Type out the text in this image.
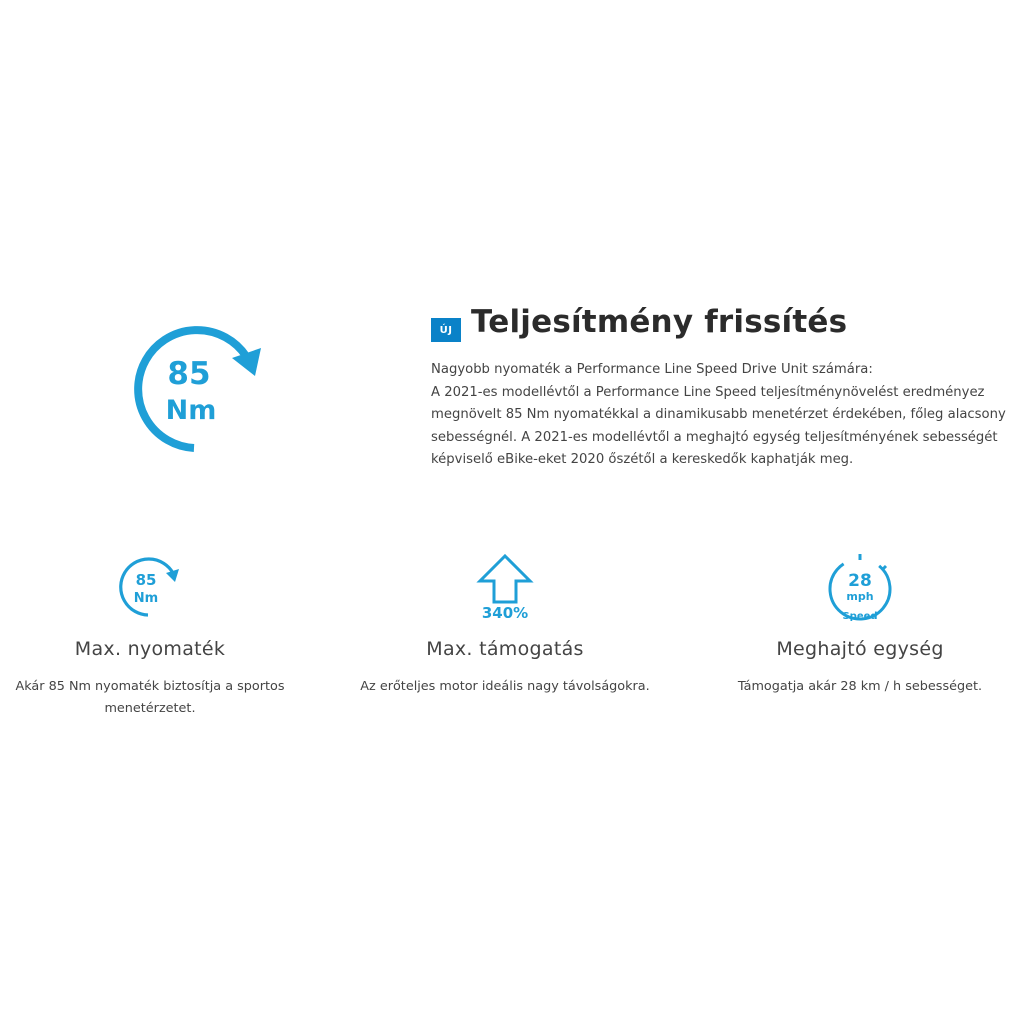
85
Nm
ÚJ Teljesítmény frissítés
Nagyobb nyomaték a Performance Line Speed Drive Unit számára:
A 2021-es modellévtől a Performance Line Speed teljesítménynövelést eredményez
megnövelt 85 Nm nyomatékkal a dinamikusabb menetérzet érdekében, főleg alacsony
sebességnél. A 2021-es modellévtől a meghajtó egység teljesítményének sebességét
képviselő eBike-eket 2020 őszétől a kereskedők kaphatják meg.
85
Nm
Max. nyomaték

Akár 85 Nm nyomaték biztosítja a sportos menetérzetet.

340%
Max. támogatás

Az erőteljes motor ideális nagy távolságokra.

28
mph
Speed
Meghajtó egység

Támogatja akár 28 km / h sebességet.
